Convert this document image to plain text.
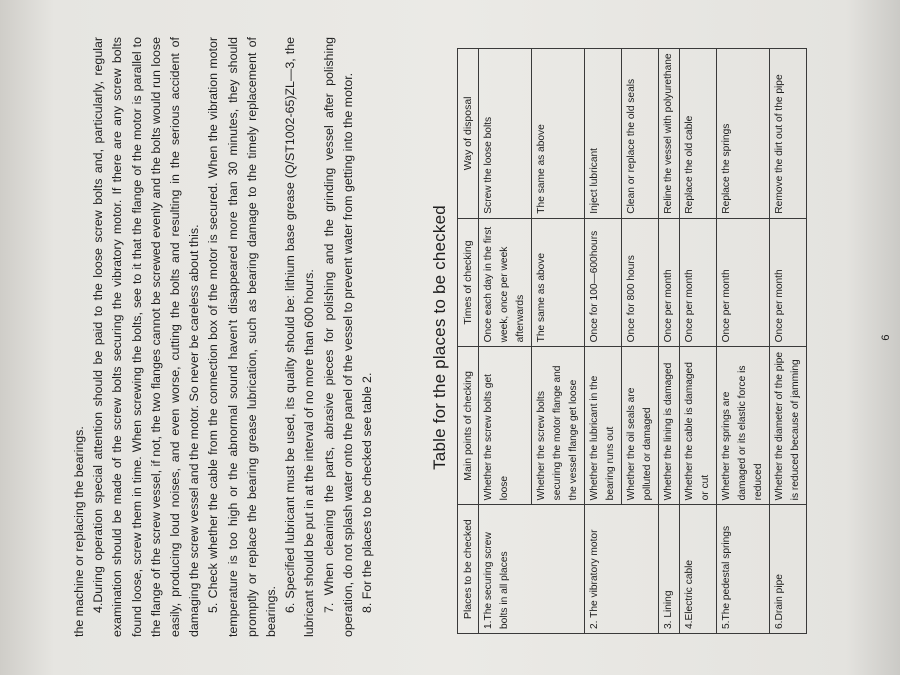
the machine or replacing the bearings. 4.During operation special attention should be paid to the loose screw bolts and, particularly, regular examination should be made of the screw bolts securing the vibratory motor. If there are any screw bolts found loose, screw them in time. When screwing the bolts, see to it that the flange of the motor is parallel to the flange of the screw vessel, if not, the two flanges cannot be screwed evenly and the bolts would run loose easily, producing loud noises, and even worse, cutting the bolts and resulting in the serious accident of damaging the screw vessel and the motor. So never be careless about this. 5. Check whether the cable from the connection box of the motor is secured. When the vibration motor temperature is too high or the abnormal sound haven't disappeared more than 30 minutes, they should promptly or replace the bearing grease lubrication, such as bearing damage to the timely replacement of bearings. 6. Specified lubricant must be used, its quality should be: lithium base grease (Q/ST1002-65)ZL—3, the lubricant should be put in at the interval of no more than 600 hours. 7. When cleaning the parts, abrasive pieces for polishing and the grinding vessel after polishing operation, do not splash water onto the panel of the vessel to prevent water from getting into the motor. 8. For the places to be checked see table 2.

Table for the places to be checked
Places to be checked	Main points of checking	Times of checking	Way of disposal
1.The securing screw bolts in all places	Whether the screw bolts get loose	Once each day in the first week, once per week afterwards	Screw the loose bolts
	Whether the screw bolts securing the motor flange and the vessel flange get loose	The same as above	The same as above
2. The vibratory motor	Whether the lubricant in the bearing runs out	Once for 100—600hours	Inject lubricant
	Whether the oil seals are polluted or damaged	Once for 800 hours	Clean or replace the old seals
3. Lining	Whether the lining is damaged	Once per month	Reline the vessel with polyurethane
4.Electric cable	Whether the cable is damaged or cut	Once per month	Replace the old cable
5.The pedestal springs	Whether the springs are damaged or its elastic force is reduced	Once per month	Replace the springs
6.Drain pipe	Whether the diameter of the pipe is reduced because of jamming	Once per month	Remove the dirt out of the pipe
6
